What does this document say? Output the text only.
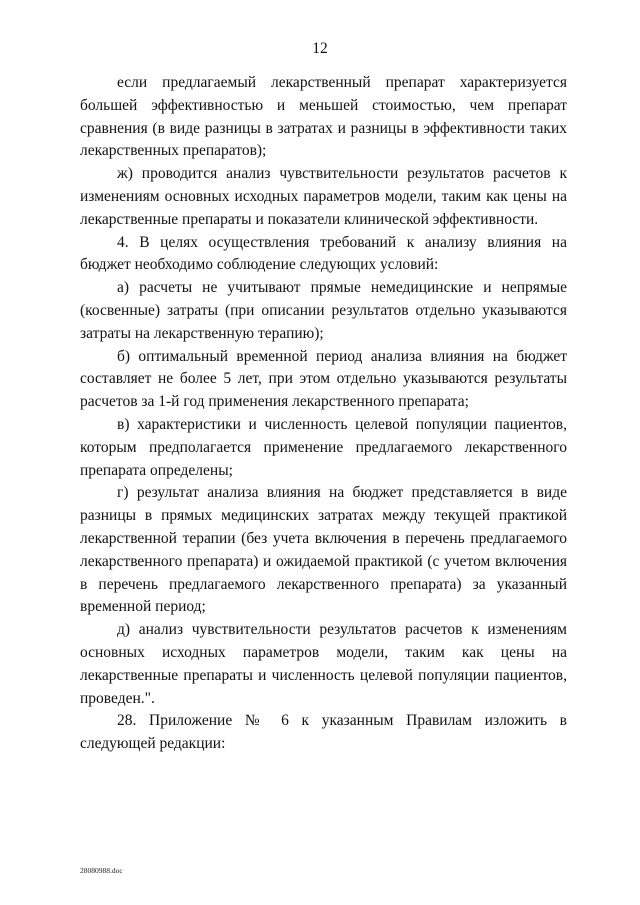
12

если предлагаемый лекарственный препарат характеризуется большей эффективностью и меньшей стоимостью, чем препарат сравнения (в виде разницы в затратах и разницы в эффективности таких лекарственных препаратов);

ж) проводится анализ чувствительности результатов расчетов к изменениям основных исходных параметров модели, таким как цены на лекарственные препараты и показатели клинической эффективности.

4. В целях осуществления требований к анализу влияния на бюджет необходимо соблюдение следующих условий:

а) расчеты не учитывают прямые немедицинские и непрямые (косвенные) затраты (при описании результатов отдельно указываются затраты на лекарственную терапию);

б) оптимальный временной период анализа влияния на бюджет составляет не более 5 лет, при этом отдельно указываются результаты расчетов за 1-й год применения лекарственного препарата;

в) характеристики и численность целевой популяции пациентов, которым предполагается применение предлагаемого лекарственного препарата определены;

г) результат анализа влияния на бюджет представляется в виде разницы в прямых медицинских затратах между текущей практикой лекарственной терапии (без учета включения в перечень предлагаемого лекарственного препарата) и ожидаемой практикой (с учетом включения в перечень предлагаемого лекарственного препарата) за указанный временной период;

д) анализ чувствительности результатов расчетов к изменениям основных исходных параметров модели, таким как цены на лекарственные препараты и численность целевой популяции пациентов, проведен.".

28. Приложение № 6 к указанным Правилам изложить в следующей редакции:

28080988.doc
